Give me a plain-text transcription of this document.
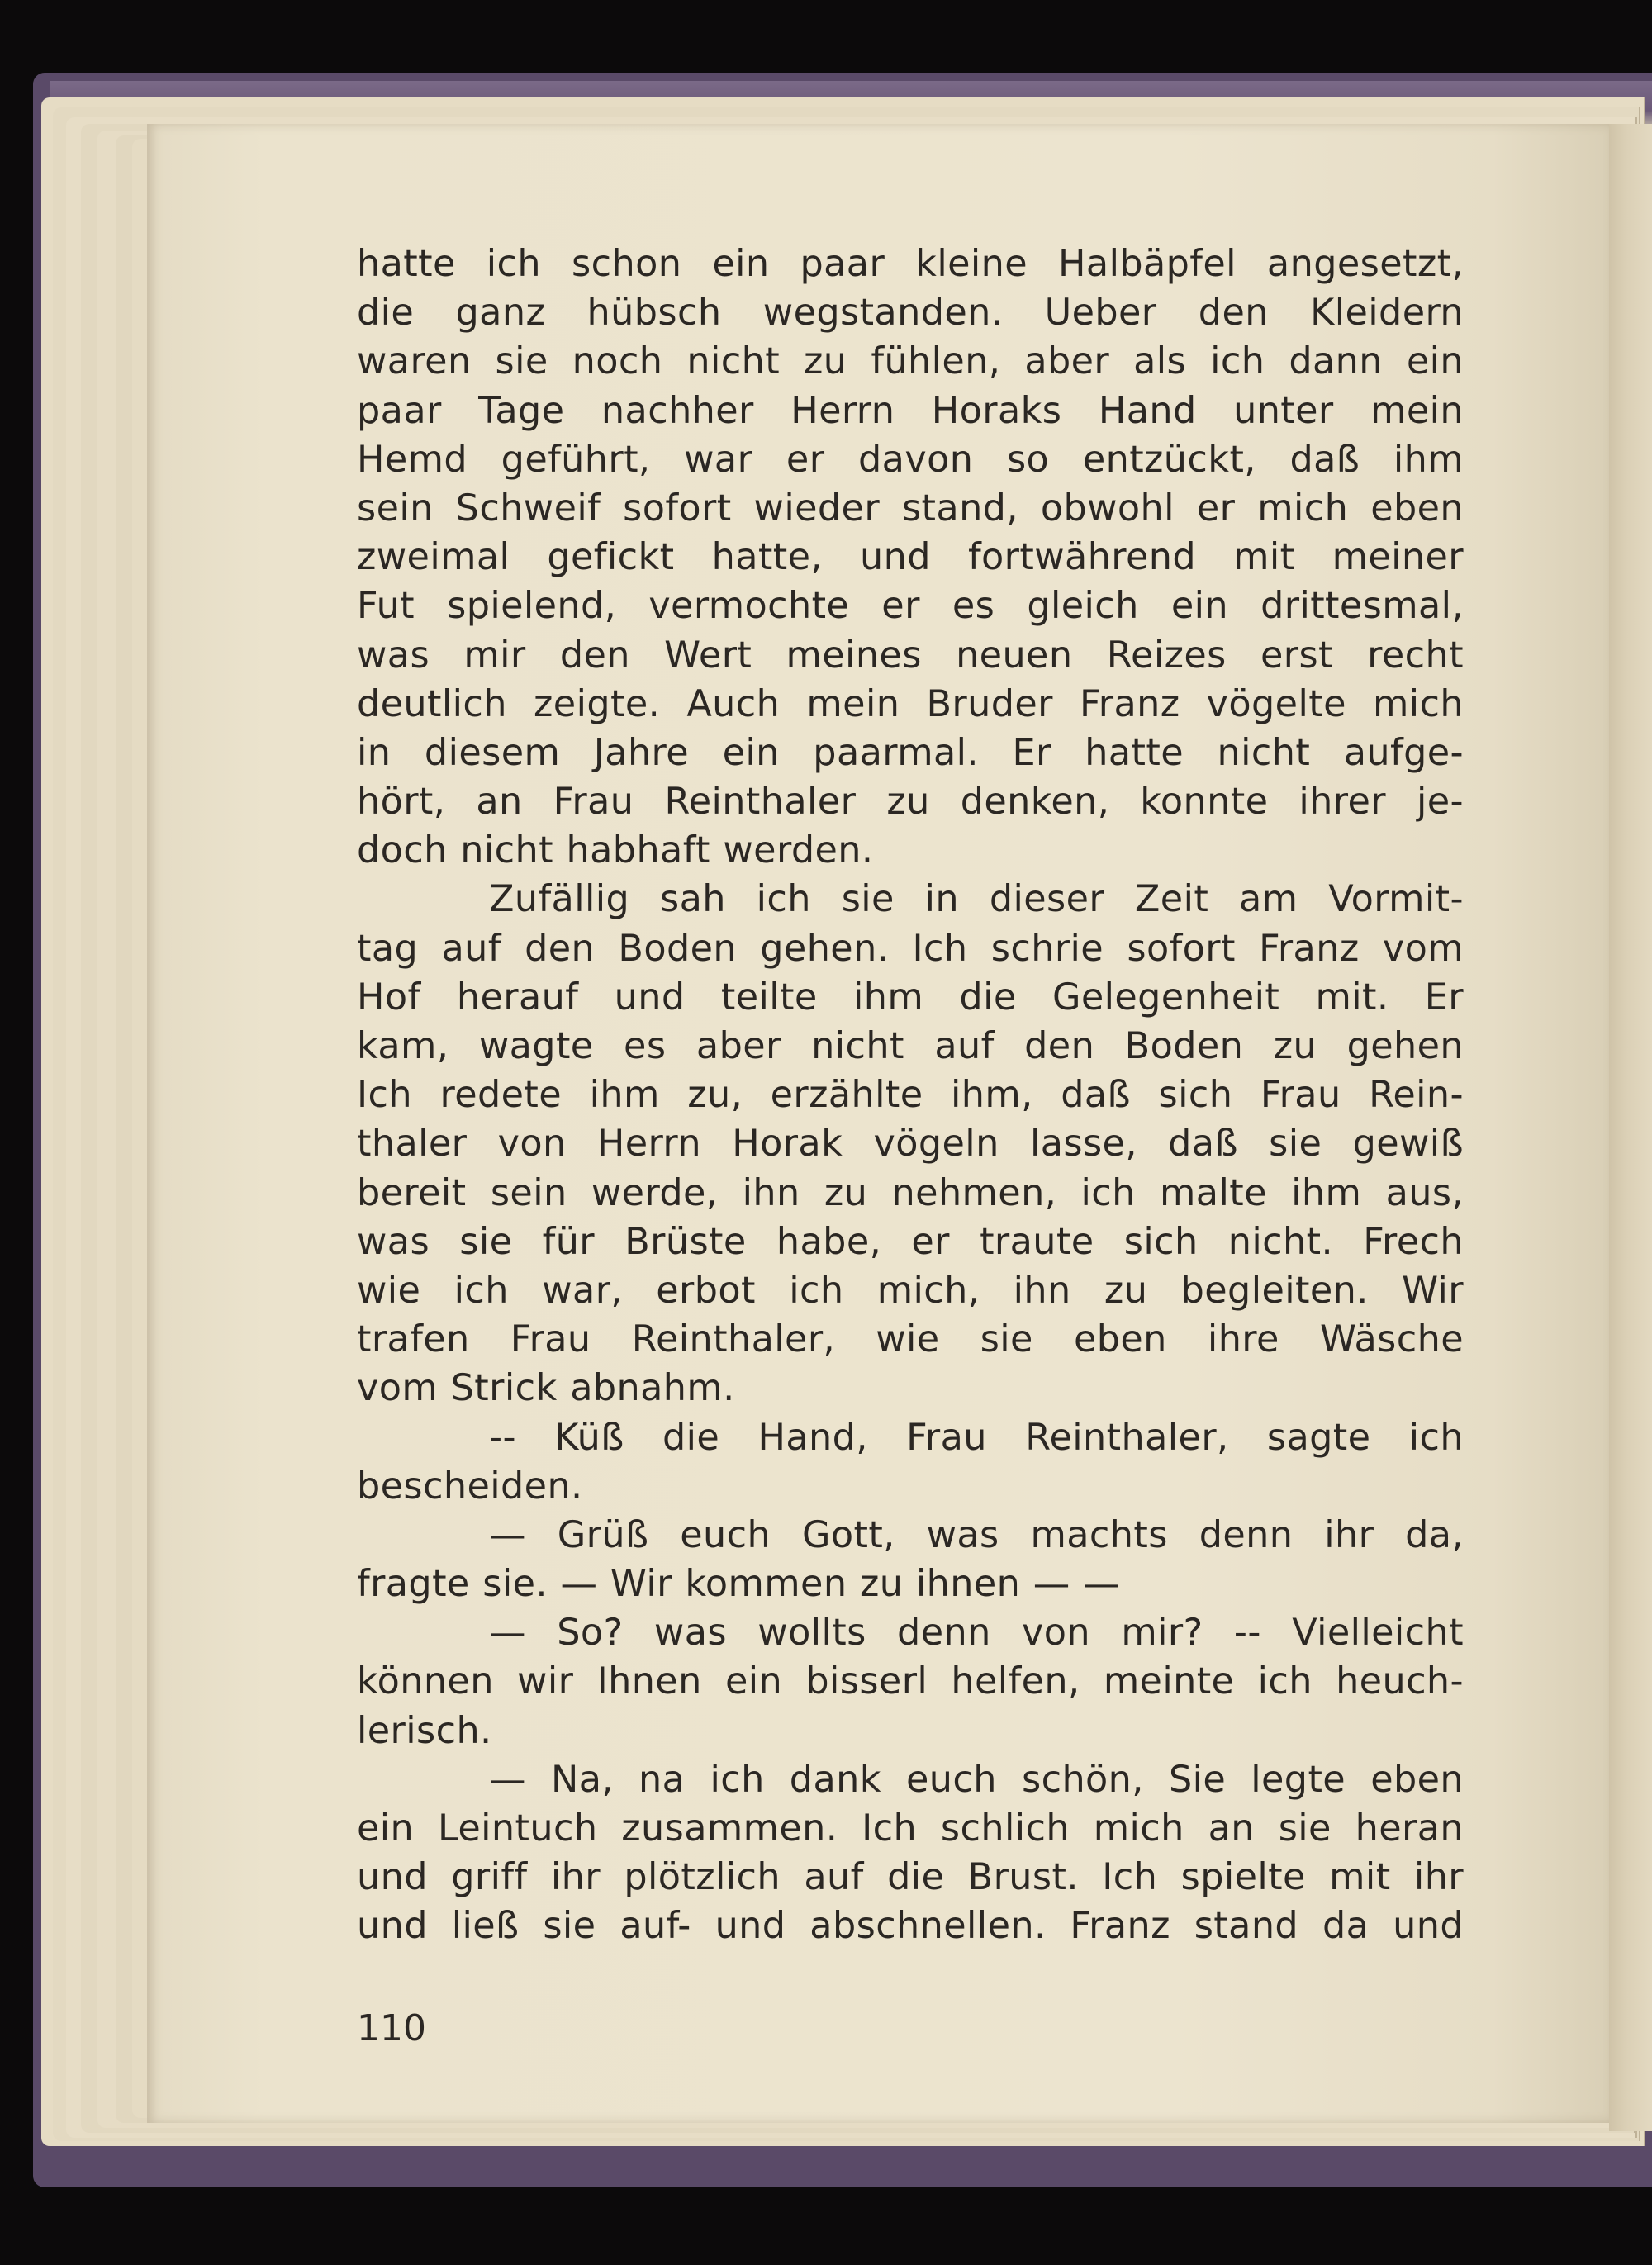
hatte ich schon ein paar kleine Halbäpfel angesetzt,
die ganz hübsch wegstanden. Ueber den Kleidern
waren sie noch nicht zu fühlen, aber als ich dann ein
paar Tage nachher Herrn Horaks Hand unter mein
Hemd geführt, war er davon so entzückt, daß ihm
sein Schweif sofort wieder stand, obwohl er mich eben
zweimal gefickt hatte, und fortwährend mit meiner
Fut spielend, vermochte er es gleich ein drittesmal,
was mir den Wert meines neuen Reizes erst recht
deutlich zeigte. Auch mein Bruder Franz vögelte mich
in diesem Jahre ein paarmal. Er hatte nicht aufge-
hört, an Frau Reinthaler zu denken, konnte ihrer je-
doch nicht habhaft werden.
Zufällig sah ich sie in dieser Zeit am Vormit-
tag auf den Boden gehen. Ich schrie sofort Franz vom
Hof herauf und teilte ihm die Gelegenheit mit. Er
kam, wagte es aber nicht auf den Boden zu gehen
Ich redete ihm zu, erzählte ihm, daß sich Frau Rein-
thaler von Herrn Horak vögeln lasse, daß sie gewiß
bereit sein werde, ihn zu nehmen, ich malte ihm aus,
was sie für Brüste habe, er traute sich nicht. Frech
wie ich war, erbot ich mich, ihn zu begleiten. Wir
trafen Frau Reinthaler, wie sie eben ihre Wäsche
vom Strick abnahm.
-- Küß die Hand, Frau Reinthaler, sagte ich
bescheiden.
— Grüß euch Gott, was machts denn ihr da,
fragte sie. — Wir kommen zu ihnen — —
— So? was wollts denn von mir? -- Vielleicht
können wir Ihnen ein bisserl helfen, meinte ich heuch-
lerisch.
— Na, na ich dank euch schön, Sie legte eben
ein Leintuch zusammen. Ich schlich mich an sie heran
und griff ihr plötzlich auf die Brust. Ich spielte mit ihr
und ließ sie auf- und abschnellen. Franz stand da und
110
